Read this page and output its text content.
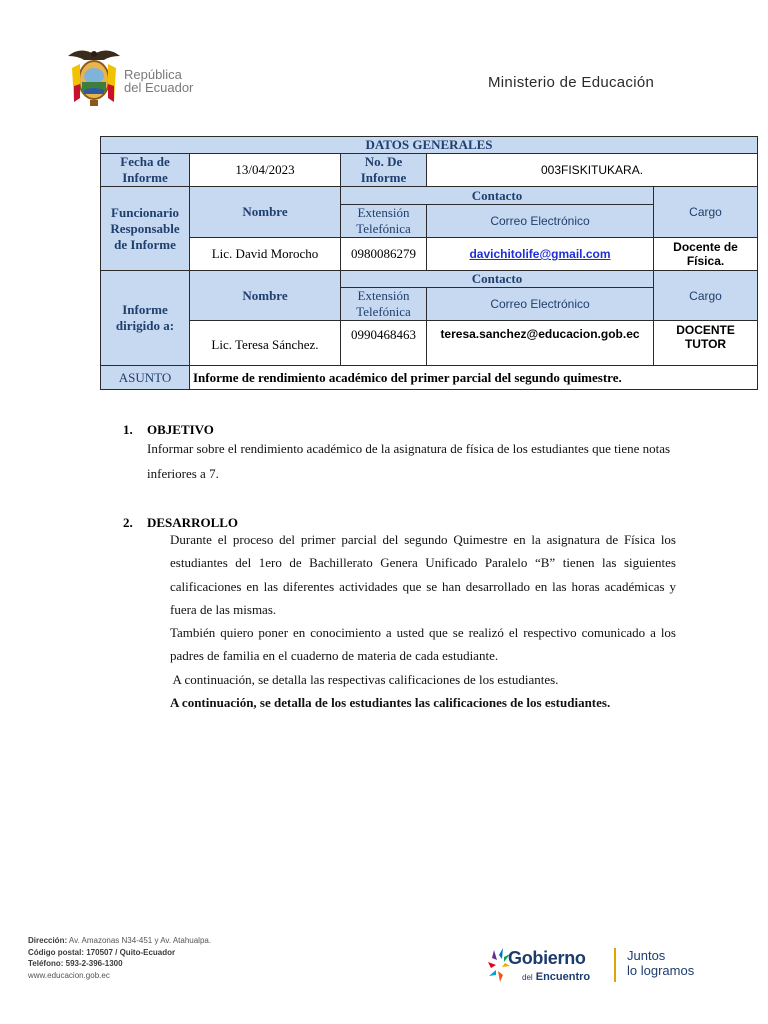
República
del Ecuador	Ministerio de Educación
DATOS GENERALES				
Fecha de Informe	13/04/2023	No. De Informe	003FISKITUKARA.	
Funcionario Responsable de Informe	Nombre	Contacto		Cargo
		Extensión Telefónica	Correo Electrónico	
	Lic. David Morocho	0980086279	davichitolife@gmail.com	Docente de Física.
Informe dirigido a:	Nombre	Contacto		Cargo
		Extensión Telefónica	Correo Electrónico	
	Lic. Teresa Sánchez.	0990468463	teresa.sanchez@educacion.gob.ec	DOCENTE TUTOR
ASUNTO	Informe de rendimiento académico del primer parcial del segundo quimestre.			
1. OBJETIVO

Informar sobre el rendimiento académico de la asignatura de física de los estudiantes que tiene notas inferiores a 7.

2. DESARROLLO

Durante el proceso del primer parcial del segundo Quimestre en la asignatura de Física los estudiantes del 1ero de Bachillerato Genera Unificado Paralelo “B” tienen las siguientes calificaciones en las diferentes actividades que se han desarrollado en las horas académicas y fuera de las mismas.

También quiero poner en conocimiento a usted que se realizó el respectivo comunicado a los padres de familia en el cuaderno de materia de cada estudiante.

A continuación, se detalla las respectivas calificaciones de los estudiantes.

A continuación, se detalla de los estudiantes las calificaciones de los estudiantes.

Dirección: Av. Amazonas N34-451 y Av. Atahualpa.
Código postal: 170507 / Quito-Ecuador
Teléfono: 593-2-396-1300
www.educacion.gob.ec
Gobierno
del Encuentro
Juntos
lo logramos
